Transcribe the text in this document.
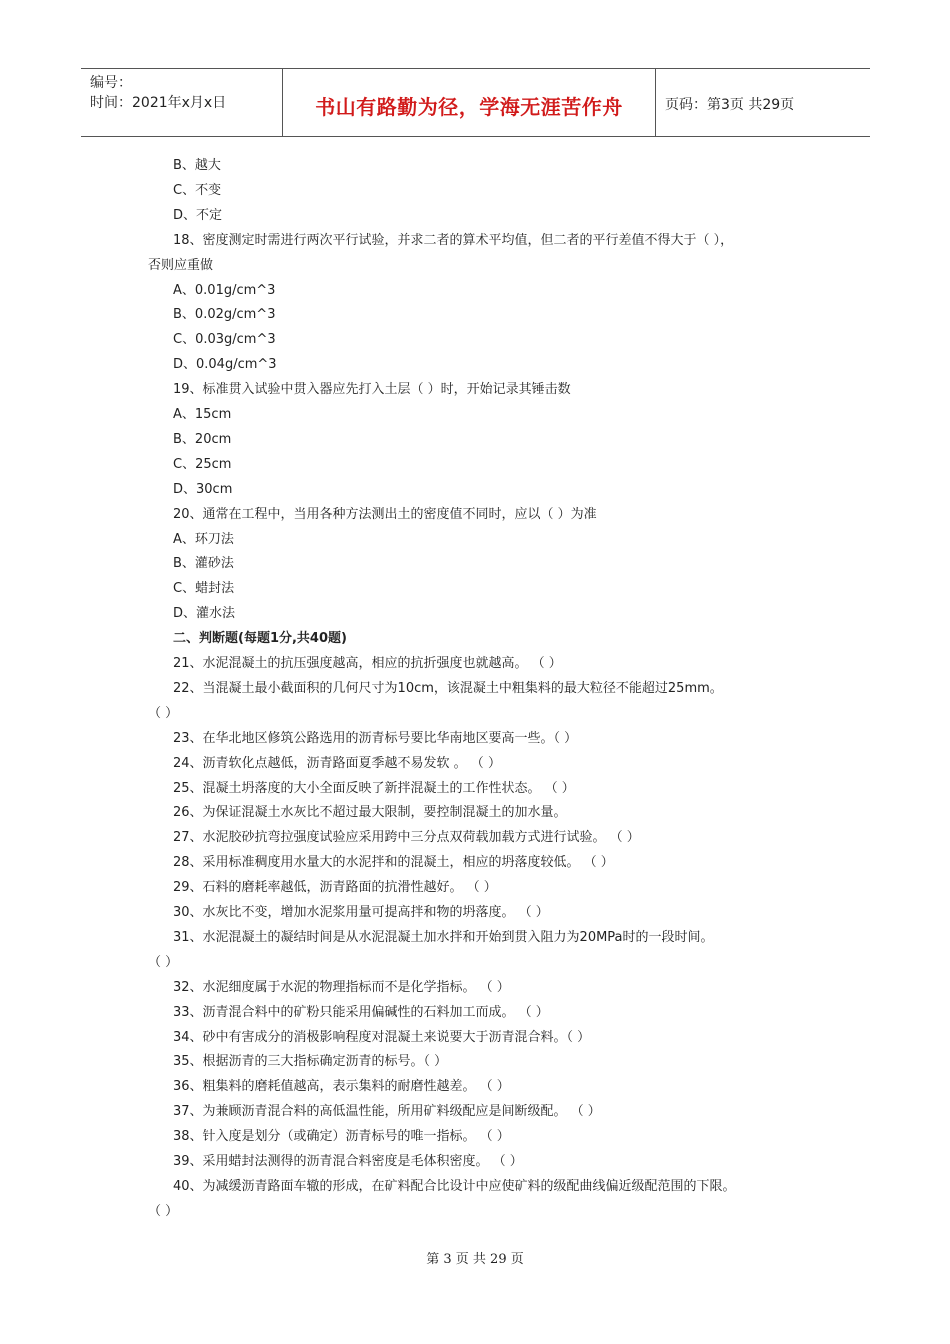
编号：
时间：2021年x月x日	书山有路勤为径，学海无涯苦作舟	页码：第3页 共29页
B、越大
C、不变
D、不定
18、密度测定时需进行两次平行试验，并求二者的算术平均值，但二者的平行差值不得大于（ ），
否则应重做
A、0.01g/cm^3
B、0.02g/cm^3
C、0.03g/cm^3
D、0.04g/cm^3
19、标准贯入试验中贯入器应先打入土层（ ）时，开始记录其锤击数
A、15cm
B、20cm
C、25cm
D、30cm
20、通常在工程中，当用各种方法测出土的密度值不同时，应以（ ）为准
A、环刀法
B、灌砂法
C、蜡封法
D、灌水法
二、判断题(每题1分,共40题)
21、水泥混凝土的抗压强度越高，相应的抗折强度也就越高。 （ ）
22、当混凝土最小截面积的几何尺寸为10cm，该混凝土中粗集料的最大粒径不能超过25mm。
（ ）
23、在华北地区修筑公路选用的沥青标号要比华南地区要高一些。（ ）
24、沥青软化点越低，沥青路面夏季越不易发软 。 （ ）
25、混凝土坍落度的大小全面反映了新拌混凝土的工作性状态。 （ ）
26、为保证混凝土水灰比不超过最大限制，要控制混凝土的加水量。
27、水泥胶砂抗弯拉强度试验应采用跨中三分点双荷载加载方式进行试验。 （ ）
28、采用标准稠度用水量大的水泥拌和的混凝土，相应的坍落度较低。 （ ）
29、石料的磨耗率越低，沥青路面的抗滑性越好。 （ ）
30、水灰比不变，增加水泥浆用量可提高拌和物的坍落度。 （ ）
31、水泥混凝土的凝结时间是从水泥混凝土加水拌和开始到贯入阻力为20MPa时的一段时间。
（ ）
32、水泥细度属于水泥的物理指标而不是化学指标。 （ ）
33、沥青混合料中的矿粉只能采用偏碱性的石料加工而成。 （ ）
34、砂中有害成分的消极影响程度对混凝土来说要大于沥青混合料。（ ）
35、根据沥青的三大指标确定沥青的标号。（ ）
36、粗集料的磨耗值越高，表示集料的耐磨性越差。 （ ）
37、为兼顾沥青混合料的高低温性能，所用矿料级配应是间断级配。 （ ）
38、针入度是划分（或确定）沥青标号的唯一指标。 （ ）
39、采用蜡封法测得的沥青混合料密度是毛体积密度。 （ ）
40、为减缓沥青路面车辙的形成，在矿料配合比设计中应使矿料的级配曲线偏近级配范围的下限。
（ ）
第 3 页 共 29 页
